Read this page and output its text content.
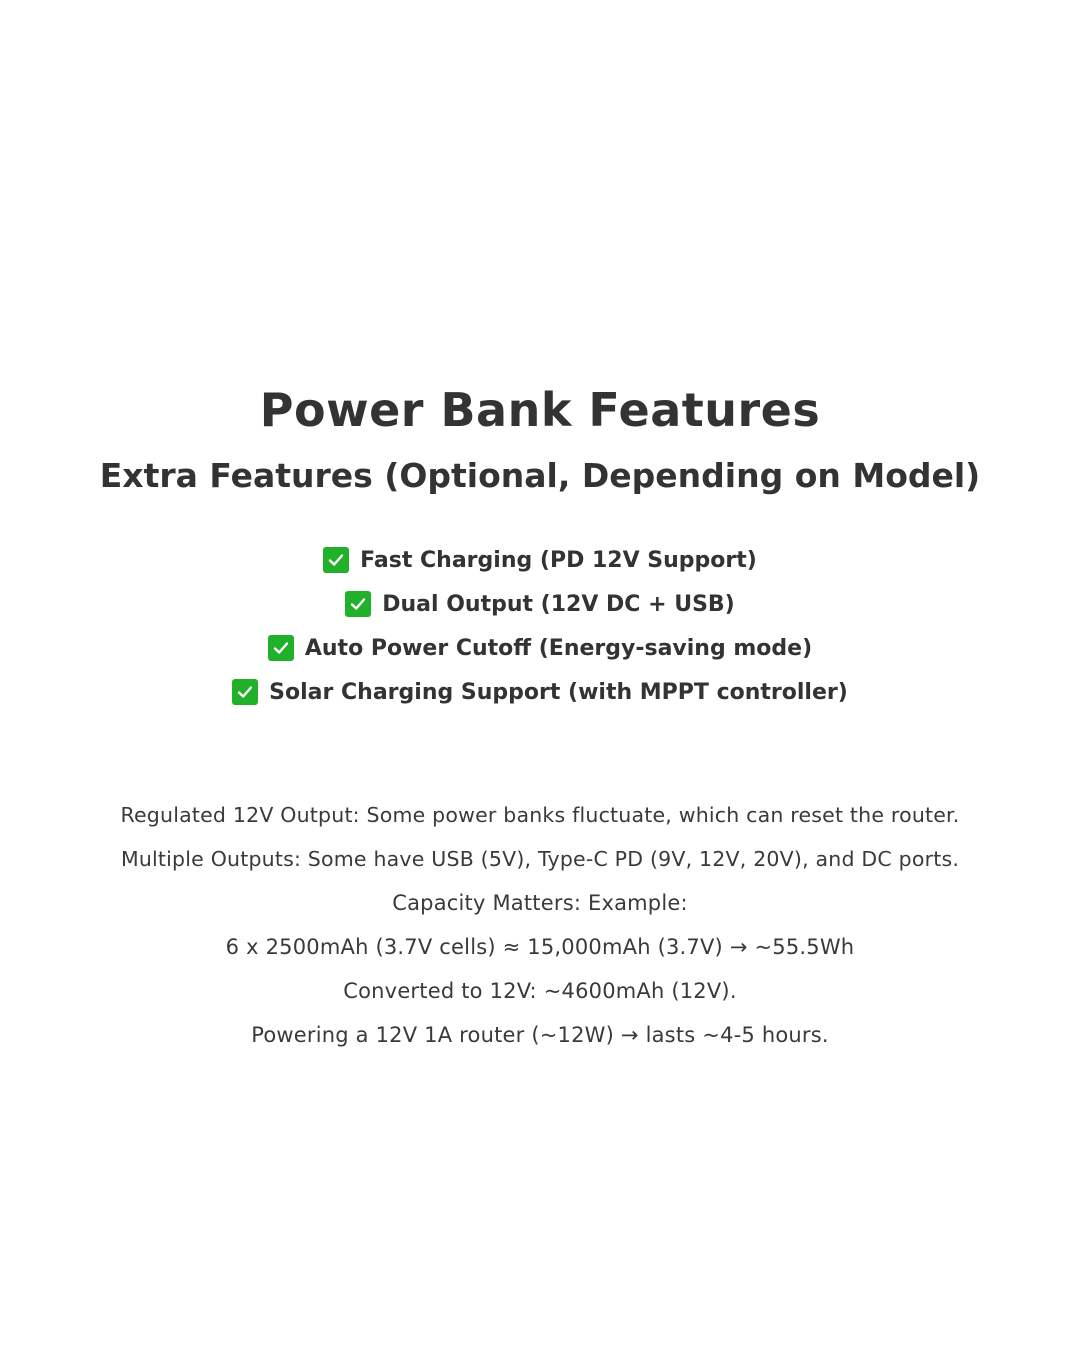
Power Bank Features
Extra Features (Optional, Depending on Model)
Fast Charging (PD 12V Support)
Dual Output (12V DC + USB)
Auto Power Cutoff (Energy-saving mode)
Solar Charging Support (with MPPT controller)
Regulated 12V Output: Some power banks fluctuate, which can reset the router.
Multiple Outputs: Some have USB (5V), Type-C PD (9V, 12V, 20V), and DC ports.
Capacity Matters: Example:
6 x 2500mAh (3.7V cells) ≈ 15,000mAh (3.7V) → ~55.5Wh
Converted to 12V: ~4600mAh (12V).
Powering a 12V 1A router (~12W) → lasts ~4-5 hours.
